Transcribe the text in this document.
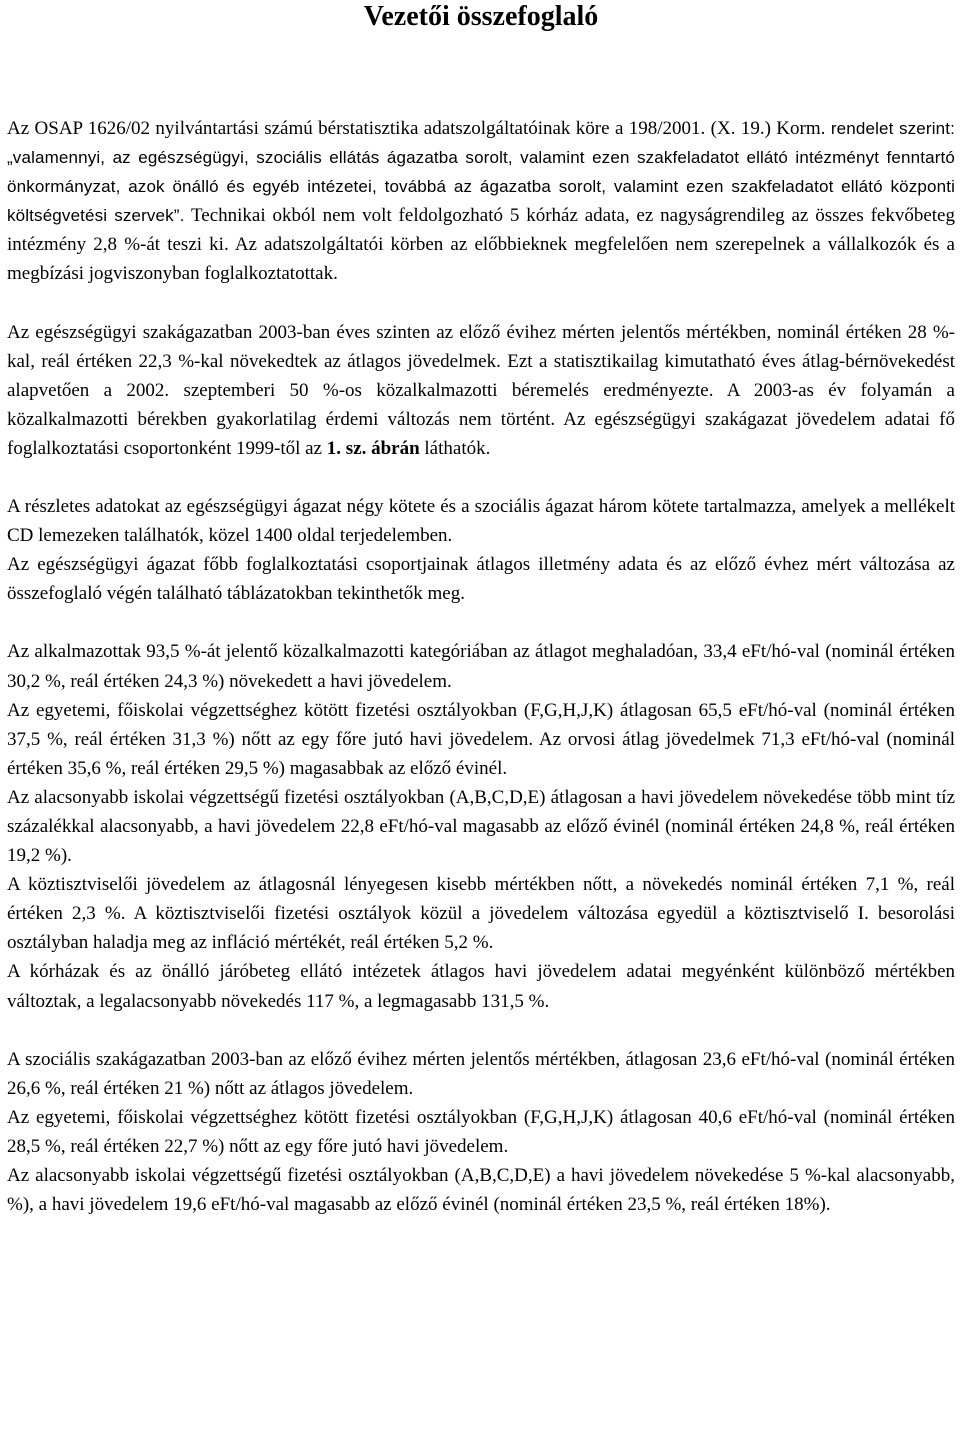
Vezetői összefoglaló

Az OSAP 1626/02 nyilvántartási számú bérstatisztika adatszolgáltatóinak köre a 198/2001. (X. 19.) Korm. rendelet szerint: „valamennyi, az egészségügyi, szociális ellátás ágazatba sorolt, valamint ezen szakfeladatot ellátó intézményt fenntartó önkormányzat, azok önálló és egyéb intézetei, továbbá az ágazatba sorolt, valamint ezen szakfeladatot ellátó központi költségvetési szervek”. Technikai okból nem volt feldolgozható 5 kórház adata, ez nagyságrendileg az összes fekvőbeteg intézmény 2,8 %-át teszi ki. Az adatszolgáltatói körben az előbbieknek megfelelően nem szerepelnek a vállalkozók és a megbízási jogviszonyban foglalkoztatottak.

Az egészségügyi szakágazatban 2003-ban éves szinten az előző évihez mérten jelentős mértékben, nominál értéken 28 %-kal, reál értéken 22,3 %-kal növekedtek az átlagos jövedelmek. Ezt a statisztikailag kimutatható éves átlag-bérnövekedést alapvetően a 2002. szeptemberi 50 %-os közalkalmazotti béremelés eredményezte. A 2003-as év folyamán a közalkalmazotti bérekben gyakorlatilag érdemi változás nem történt. Az egészségügyi szakágazat jövedelem adatai fő foglalkoztatási csoportonként 1999-től az 1. sz. ábrán láthatók.

A részletes adatokat az egészségügyi ágazat négy kötete és a szociális ágazat három kötete tartalmazza, amelyek a mellékelt CD lemezeken találhatók, közel 1400 oldal terjedelemben.

Az egészségügyi ágazat főbb foglalkoztatási csoportjainak átlagos illetmény adata és az előző évhez mért változása az összefoglaló végén található táblázatokban tekinthetők meg.

Az alkalmazottak 93,5 %-át jelentő közalkalmazotti kategóriában az átlagot meghaladóan, 33,4 eFt/hó-val (nominál értéken 30,2 %, reál értéken 24,3 %) növekedett a havi jövedelem.

Az egyetemi, főiskolai végzettséghez kötött fizetési osztályokban (F,G,H,J,K) átlagosan 65,5 eFt/hó-val (nominál értéken 37,5 %, reál értéken 31,3 %) nőtt az egy főre jutó havi jövedelem. Az orvosi átlag jövedelmek 71,3 eFt/hó-val (nominál értéken 35,6 %, reál értéken 29,5 %) magasabbak az előző évinél.

Az alacsonyabb iskolai végzettségű fizetési osztályokban (A,B,C,D,E) átlagosan a havi jövedelem növekedése több mint tíz százalékkal alacsonyabb, a havi jövedelem 22,8 eFt/hó-val magasabb az előző évinél (nominál értéken 24,8 %, reál értéken 19,2 %).

A köztisztviselői jövedelem az átlagosnál lényegesen kisebb mértékben nőtt, a növekedés nominál értéken 7,1 %, reál értéken 2,3 %. A köztisztviselői fizetési osztályok közül a jövedelem változása egyedül a köztisztviselő I. besorolási osztályban haladja meg az infláció mértékét, reál értéken 5,2 %.

A kórházak és az önálló járóbeteg ellátó intézetek átlagos havi jövedelem adatai megyénként különböző mértékben változtak, a legalacsonyabb növekedés 117 %, a legmagasabb 131,5 %.

A szociális szakágazatban 2003-ban az előző évihez mérten jelentős mértékben, átlagosan 23,6 eFt/hó-val (nominál értéken 26,6 %, reál értéken 21 %) nőtt az átlagos jövedelem.

Az egyetemi, főiskolai végzettséghez kötött fizetési osztályokban (F,G,H,J,K) átlagosan 40,6 eFt/hó-val (nominál értéken 28,5 %, reál értéken 22,7 %) nőtt az egy főre jutó havi jövedelem.

Az alacsonyabb iskolai végzettségű fizetési osztályokban (A,B,C,D,E) a havi jövedelem növekedése 5 %-kal alacsonyabb, %), a havi jövedelem 19,6 eFt/hó-val magasabb az előző évinél (nominál értéken 23,5 %, reál értéken 18%).
